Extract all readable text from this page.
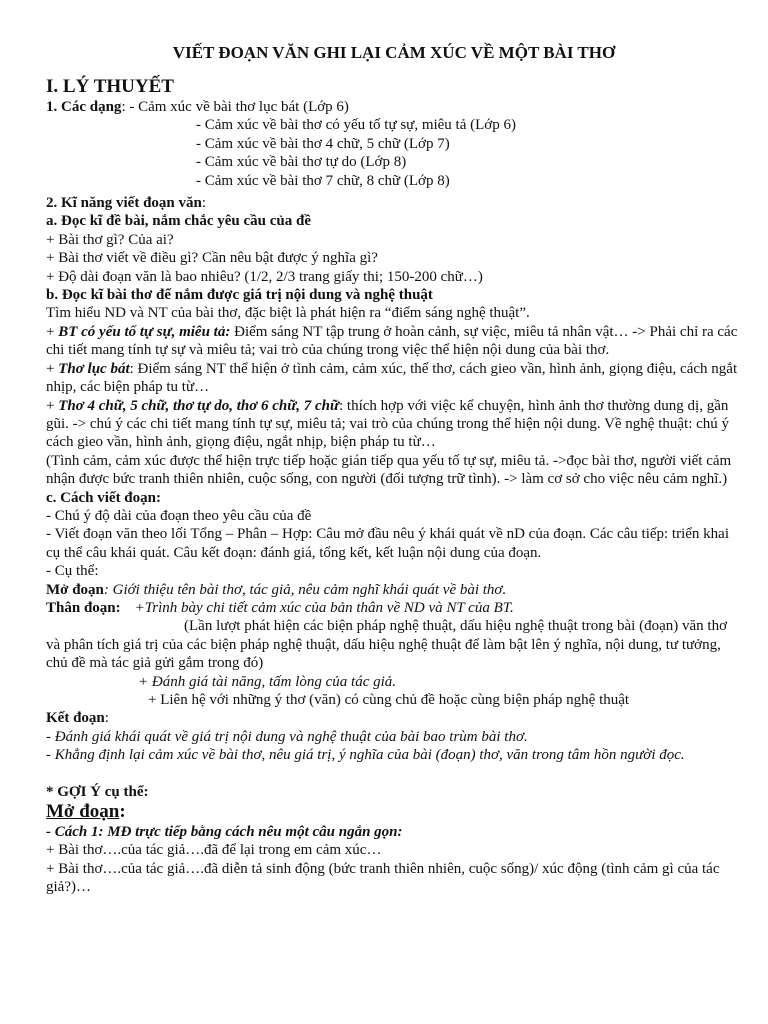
VIẾT ĐOẠN VĂN GHI LẠI CẢM XÚC VỀ MỘT BÀI THƠ
I. LÝ THUYẾT
1. Các dạng: - Cảm xúc về bài thơ lục bát (Lớp 6)
- Cảm xúc về bài thơ có yếu tố tự sự, miêu tả (Lớp 6)
- Cảm xúc về bài thơ 4 chữ, 5 chữ (Lớp 7)
- Cảm xúc về bài thơ tự do (Lớp 8)
- Cảm xúc về bài thơ 7 chữ, 8 chữ (Lớp 8)
2. Kĩ năng viết đoạn văn:
a. Đọc kĩ đề bài, nắm chắc yêu cầu của đề
+ Bài thơ gì? Của ai?
+ Bài thơ viết về điều gì? Cần nêu bật được ý nghĩa gì?
+ Độ dài đoạn văn là bao nhiêu? (1/2, 2/3 trang giấy thi; 150-200 chữ…)
b. Đọc kĩ bài thơ để nắm được giá trị nội dung và nghệ thuật
Tìm hiểu ND và NT của bài thơ, đặc biệt là phát hiện ra “điểm sáng nghệ thuật”.
+ BT có yếu tố tự sự, miêu tả: Điểm sáng NT tập trung ở hoàn cảnh, sự việc, miêu tả nhân vật… -> Phải chỉ ra các chi tiết mang tính tự sự và miêu tả; vai trò của chúng trong việc thể hiện nội dung của bài thơ.
+ Thơ lục bát: Điểm sáng NT thể hiện ở tình cảm, cảm xúc, thể thơ, cách gieo vần, hình ảnh, giọng điệu, cách ngắt nhịp, các biện pháp tu từ…
+ Thơ 4 chữ, 5 chữ, thơ tự do, thơ 6 chữ, 7 chữ: thích hợp với việc kể chuyện, hình ảnh thơ thường dung dị, gần gũi. -> chú ý các chi tiết mang tính tự sự, miêu tả; vai trò của chúng trong thể hiện nội dung. Về nghệ thuật: chú ý cách gieo vần, hình ảnh, giọng điệu, ngắt nhịp, biện pháp tu từ…
(Tình cảm, cảm xúc được thể hiện trực tiếp hoặc gián tiếp qua yếu tố tự sự, miêu tả. ->đọc bài thơ, người viết cảm nhận được bức tranh thiên nhiên, cuộc sống, con người (đối tượng trữ tình). -> làm cơ sở cho việc nêu cảm nghĩ.)
c. Cách viết đoạn:
- Chú ý độ dài của đoạn theo yêu cầu của đề
- Viết đoạn văn theo lối Tổng – Phân – Hợp: Câu mở đầu nêu ý khái quát về nD của đoạn. Các câu tiếp: triển khai cụ thể câu khái quát. Câu kết đoạn: đánh giá, tổng kết, kết luận nội dung của đoạn.
- Cụ thể:
Mở đoạn: Giới thiệu tên bài thơ, tác giả, nêu cảm nghĩ khái quát về bài thơ.
Thân đoạn: +Trình bày chi tiết cảm xúc của bản thân về ND và NT của BT.
(Lần lượt phát hiện các biện pháp nghệ thuật, dấu hiệu nghệ thuật trong bài (đoạn) văn thơ và phân tích giá trị của các biện pháp nghệ thuật, dấu hiệu nghệ thuật để làm bật lên ý nghĩa, nội dung, tư tưởng, chủ đề mà tác giả gửi gắm trong đó)
+ Đánh giá tài năng, tấm lòng của tác giả.
+ Liên hệ với những ý thơ (văn) có cùng chủ đề hoặc cùng biện pháp nghệ thuật
Kết đoạn:
- Đánh giá khái quát về giá trị nội dung và nghệ thuật của bài bao trùm bài thơ.
- Khẳng định lại cảm xúc về bài thơ, nêu giá trị, ý nghĩa của bài (đoạn) thơ, văn trong tâm hồn người đọc.
* GỢI Ý cụ thể:
Mở đoạn:
- Cách 1: MĐ trực tiếp bằng cách nêu một câu ngắn gọn:
+ Bài thơ….của tác giả….đã để lại trong em cảm xúc…
+ Bài thơ….của tác giả….đã diễn tả sinh động (bức tranh thiên nhiên, cuộc sống)/ xúc động (tình cảm gì của tác giả?)…
